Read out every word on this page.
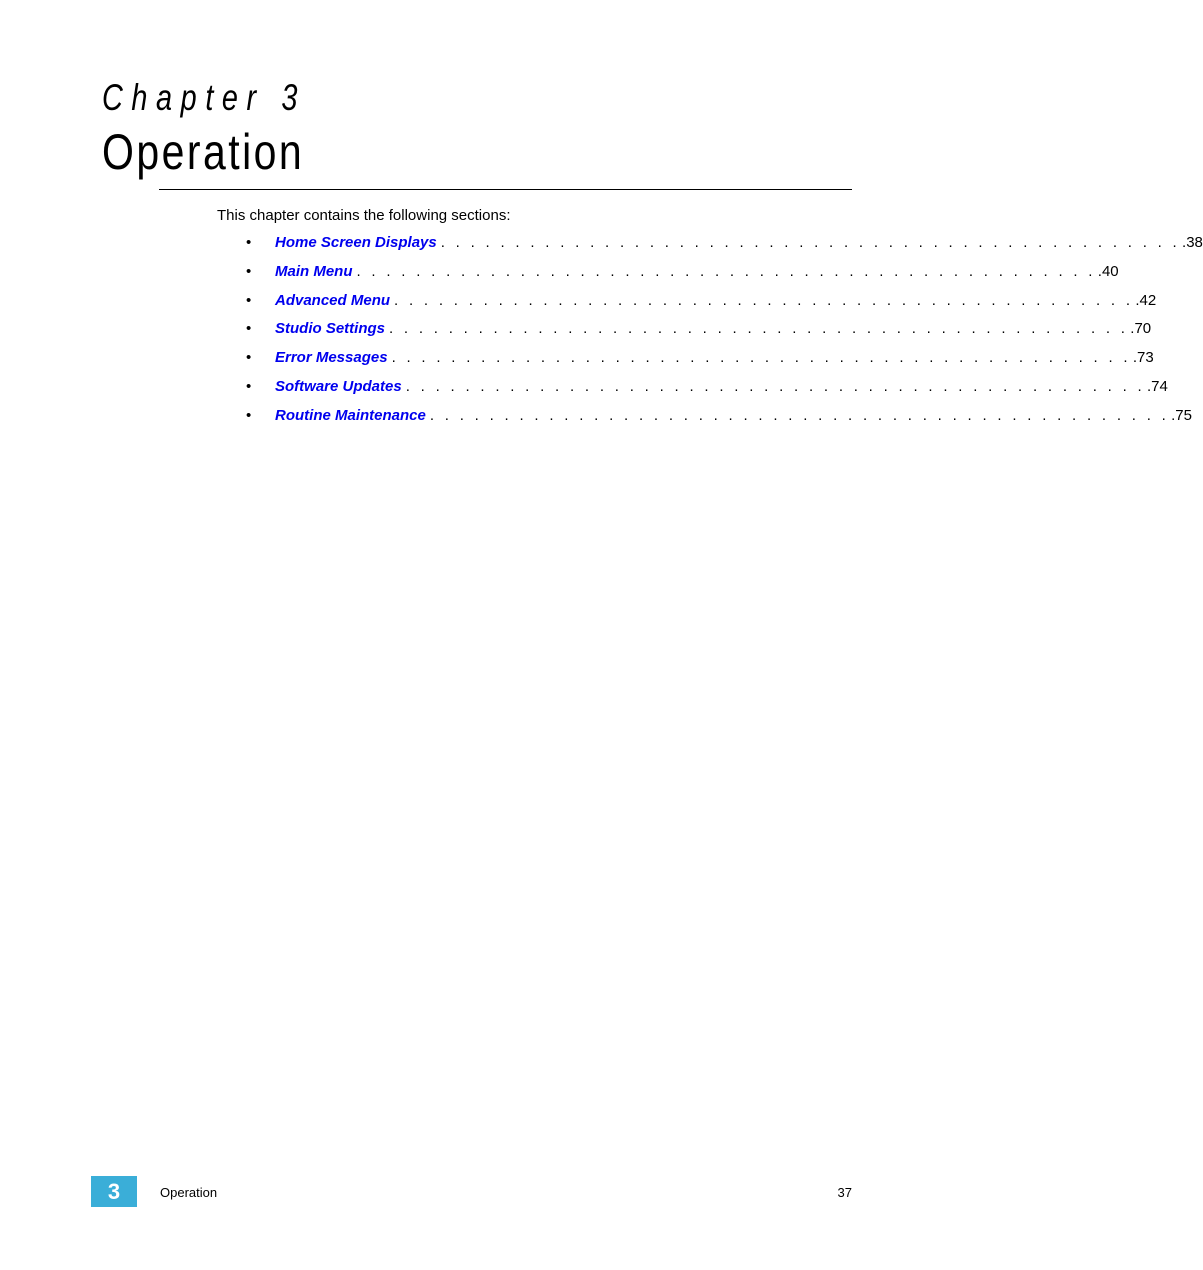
Chapter 3
Operation
This chapter contains the following sections:
•	Home Screen Displays . . . . . . . . . . . . . . . . . . . . . . . . . . . . . . . . . . . . . . . . . . . . . . . . . . .38
•	Main Menu . . . . . . . . . . . . . . . . . . . . . . . . . . . . . . . . . . . . . . . . . . . . . . . . . . .40
•	Advanced Menu . . . . . . . . . . . . . . . . . . . . . . . . . . . . . . . . . . . . . . . . . . . . . . . . . . .42
•	Studio Settings . . . . . . . . . . . . . . . . . . . . . . . . . . . . . . . . . . . . . . . . . . . . . . . . . . .70
•	Error Messages . . . . . . . . . . . . . . . . . . . . . . . . . . . . . . . . . . . . . . . . . . . . . . . . . . .73
•	Software Updates . . . . . . . . . . . . . . . . . . . . . . . . . . . . . . . . . . . . . . . . . . . . . . . . . . .74
•	Routine Maintenance . . . . . . . . . . . . . . . . . . . . . . . . . . . . . . . . . . . . . . . . . . . . . . . . . . .75
3	Operation	37
